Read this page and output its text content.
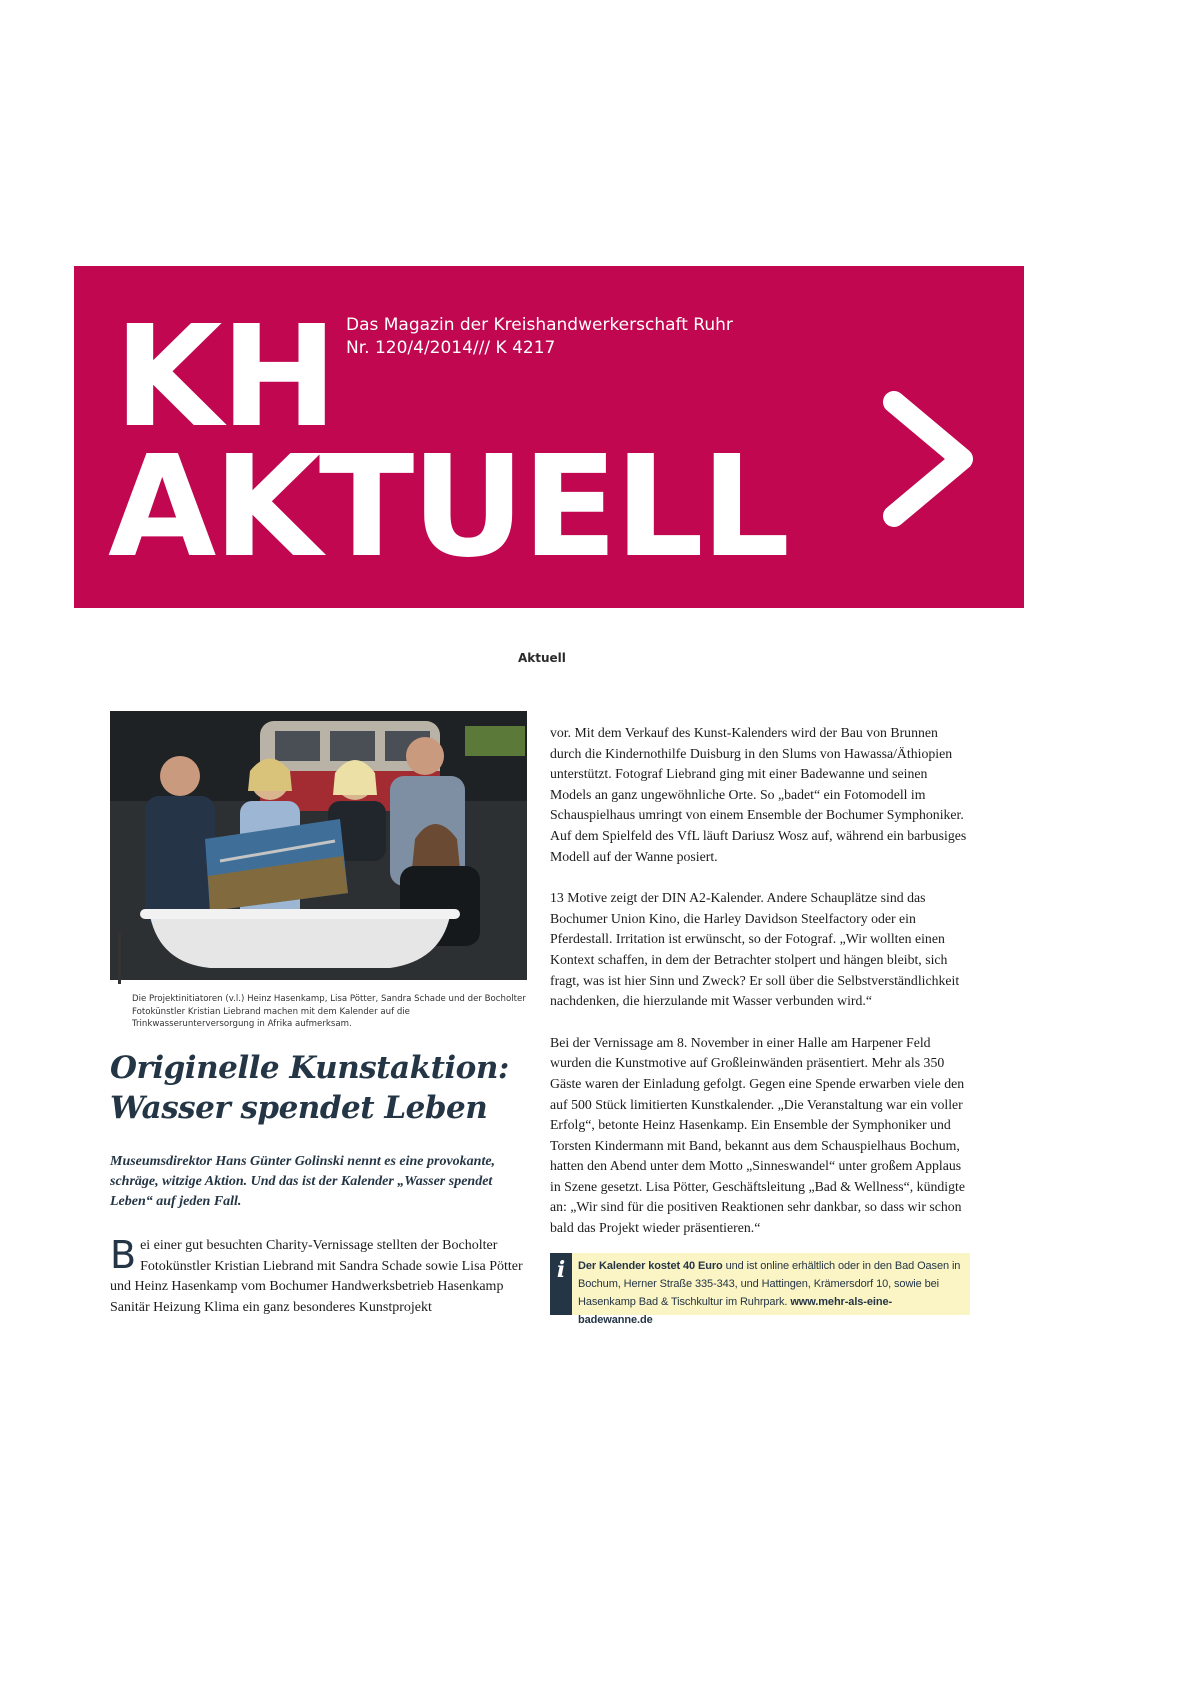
KH
AKTUELL
Das Magazin der Kreishandwerkerschaft Ruhr
Nr. 120/4/2014/// K 4217

Aktuell

Die Projektinitiatoren (v.l.) Heinz Hasenkamp, Lisa Pötter, Sandra Schade und der Bocholter Fotokünstler Kristian Liebrand machen mit dem Kalender auf die Trinkwasserunterversorgung in Afrika aufmerksam.

Originelle Kunstaktion: Wasser spendet Leben

Museumsdirektor Hans Günter Golinski nennt es eine provokante, schräge, witzige Aktion. Und das ist der Kalender „Wasser spendet Leben“ auf jeden Fall.

Bei einer gut besuchten Charity-Vernissage stellten der Bocholter Fotokünstler Kristian Liebrand mit Sandra Schade sowie Lisa Pötter und Heinz Hasenkamp vom Bochumer Handwerksbetrieb Hasenkamp Sanitär Heizung Klima ein ganz besonderes Kunstprojekt

vor. Mit dem Verkauf des Kunst-Kalenders wird der Bau von Brunnen durch die Kindernothilfe Duisburg in den Slums von Hawassa/Äthiopien unterstützt. Fotograf Liebrand ging mit einer Badewanne und seinen Models an ganz ungewöhnliche Orte. So „badet“ ein Fotomodell im Schauspielhaus umringt von einem Ensemble der Bochumer Symphoniker. Auf dem Spielfeld des VfL läuft Dariusz Wosz auf, während ein barbusiges Modell auf der Wanne posiert.

13 Motive zeigt der DIN A2-Kalender. Andere Schauplätze sind das Bochumer Union Kino, die Harley Davidson Steelfactory oder ein Pferdestall. Irritation ist erwünscht, so der Fotograf. „Wir wollten einen Kontext schaffen, in dem der Betrachter stolpert und hängen bleibt, sich fragt, was ist hier Sinn und Zweck? Er soll über die Selbstverständlichkeit nachdenken, die hierzulande mit Wasser verbunden wird.“

Bei der Vernissage am 8. November in einer Halle am Harpener Feld wurden die Kunstmotive auf Großleinwänden präsentiert. Mehr als 350 Gäste waren der Einladung gefolgt. Gegen eine Spende erwarben viele den auf 500 Stück limitierten Kunstkalender. „Die Veranstaltung war ein voller Erfolg“, betonte Heinz Hasenkamp. Ein Ensemble der Symphoniker und Torsten Kindermann mit Band, bekannt aus dem Schauspielhaus Bochum, hatten den Abend unter dem Motto „Sinneswandel“ unter großem Applaus in Szene gesetzt. Lisa Pötter, Geschäftsleitung „Bad & Wellness“, kündigte an: „Wir sind für die positiven Reaktionen sehr dankbar, so dass wir schon bald das Projekt wieder präsentieren.“

i	Der Kalender kostet 40 Euro und ist online erhältlich oder in den Bad Oasen in Bochum, Herner Straße 335-343, und Hattingen, Krämersdorf 10, sowie bei Hasenkamp Bad & Tischkultur im Ruhrpark. www.mehr-als-eine-badewanne.de
